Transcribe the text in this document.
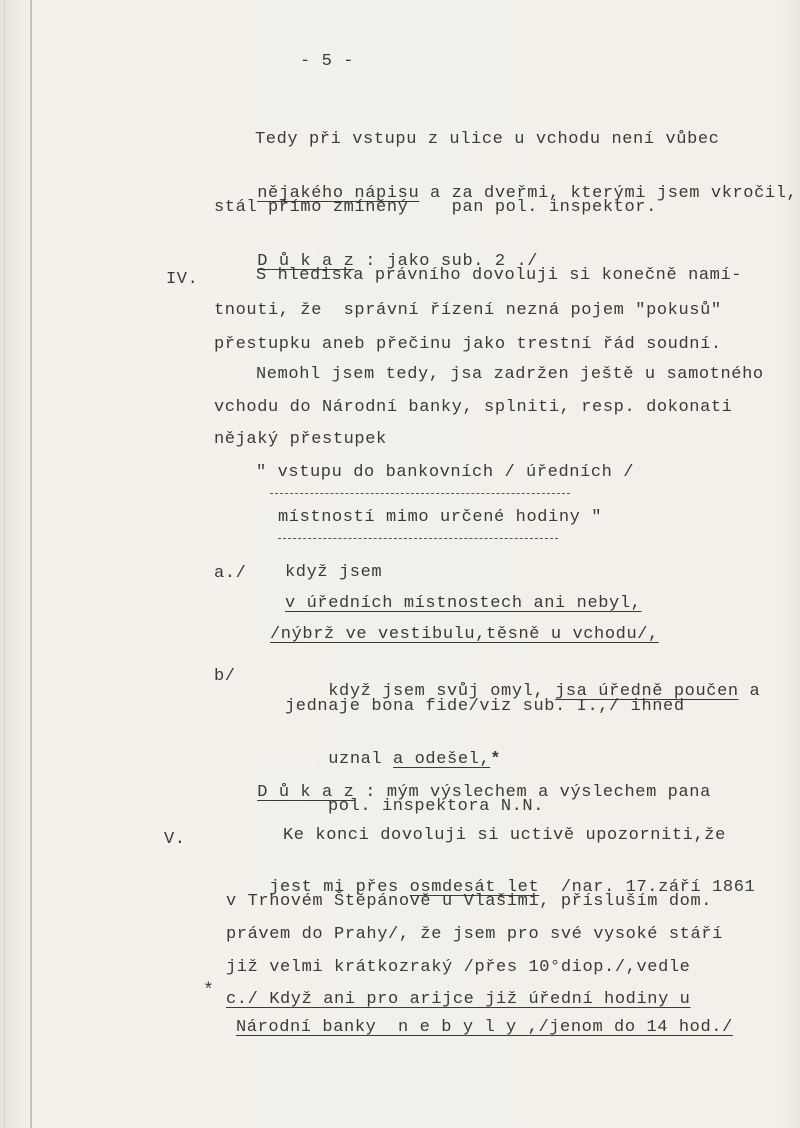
- 5 -
Tedy při vstupu z ulice u vchodu není vůbec

nějakého nápisu a za dveřmi, kterými jsem vkročil,

stál přímo zmíněný    pan pol. inspektor.

D ů k a z : jako sub. 2 ./

IV.	S hlediska právního dovoluji si konečně namí-
tnouti, že  správní řízení nezná pojem "pokusů"
přestupku aneb přečinu jako trestní řád soudní.
Nemohl jsem tedy, jsa zadržen ještě u samotného
vchodu do Národní banky, splniti, resp. dokonati
nějaký přestupek
" vstupu do bankovních / úředních /
místností mimo určené hodiny "
a./ když jsem
v úředních místnostech ani nebyl,
/nýbrž ve vestibulu,těsně u vchodu/,
b/

když jsem svůj omyl, jsa úředně poučen a

jednaje bona fide/viz sub. I.,/ ihned

uznal a odešel,*

D ů k a z : mým výslechem a výslechem pana

pol. inspektora N.N.
V.	Ke konci dovoluji si uctivě upozorniti,že

jest mi přes osmdesát let  /nar. 17.září 1861

v Trhovém Štěpánově u Vlašimi, přísluším dom.
právem do Prahy/, že jsem pro své vysoké stáří
již velmi krátkozraký /přes 10°diop./,vedle
* c./ Když ani pro arijce již úřední hodiny u
Národní banky  n e b y l y ,/jenom do 14 hod./
